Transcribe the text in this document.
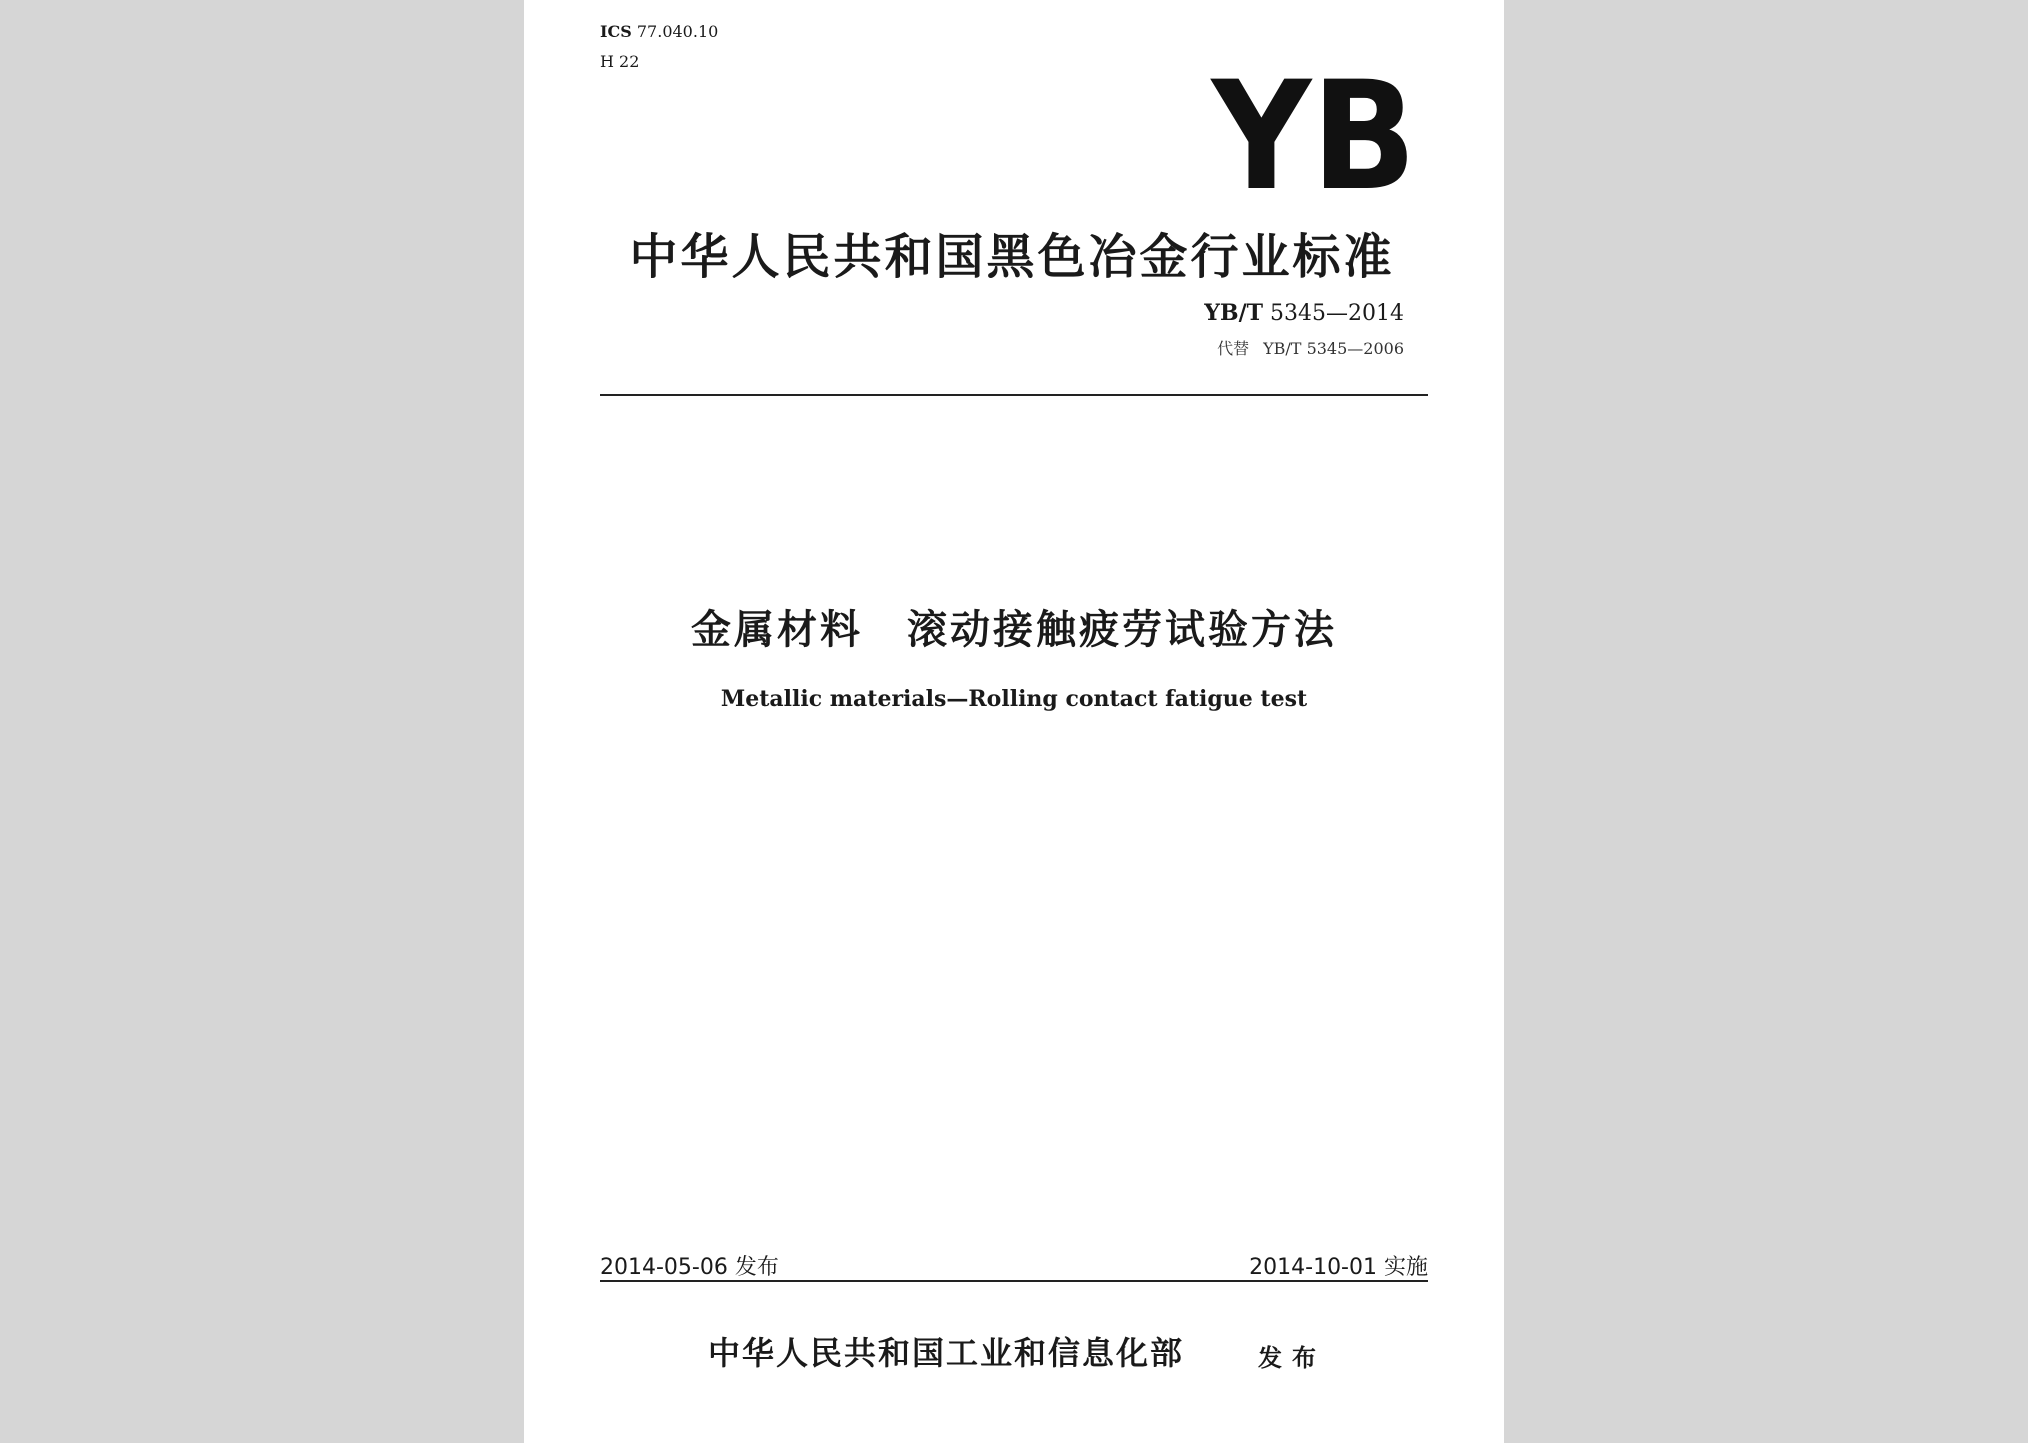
ICS 77.040.10
H 22	YB
中华人民共和国黑色冶金行业标准
YB/T 5345—2014
代替 YB/T 5345—2006
金属材料 滚动接触疲劳试验方法
Metallic materials—Rolling contact fatigue test
2014-05-06 发布	2014-10-01 实施
中华人民共和国工业和信息化部	发布
